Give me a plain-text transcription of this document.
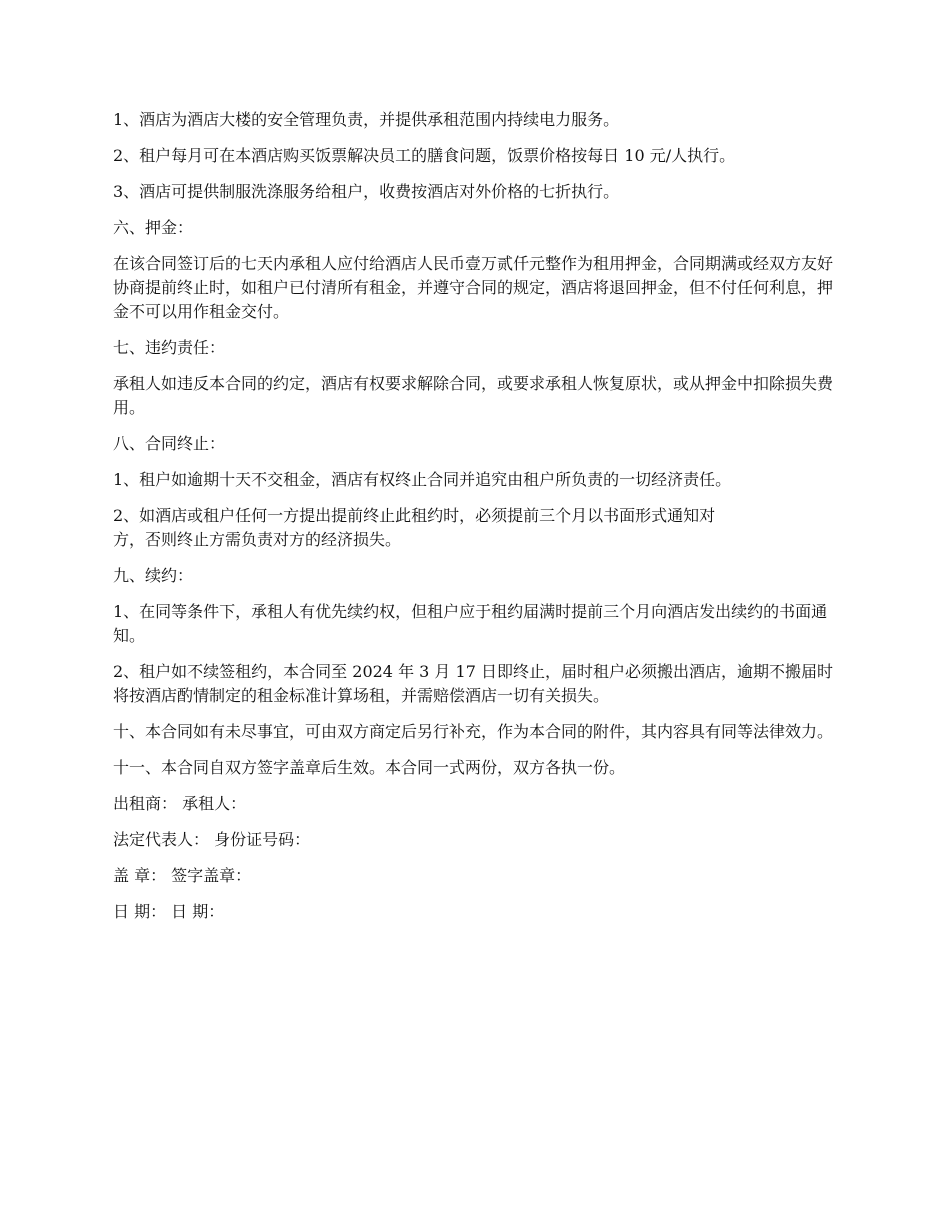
1、酒店为酒店大楼的安全管理负责，并提供承租范围内持续电力服务。

2、租户每月可在本酒店购买饭票解决员工的膳食问题，饭票价格按每日 10 元/人执行。

3、酒店可提供制服洗涤服务给租户，收费按酒店对外价格的七折执行。

六、押金：

在该合同签订后的七天内承租人应付给酒店人民币壹万贰仟元整作为租用押金，合同期满或经双方友好协商提前终止时，如租户已付清所有租金，并遵守合同的规定，酒店将退回押金，但不付任何利息，押金不可以用作租金交付。

七、违约责任：

承租人如违反本合同的约定，酒店有权要求解除合同，或要求承租人恢复原状，或从押金中扣除损失费用。

八、合同终止：

1、租户如逾期十天不交租金，酒店有权终止合同并追究由租户所负责的一切经济责任。

2、如酒店或租户任何一方提出提前终止此租约时，必须提前三个月以书面形式通知对
方，否则终止方需负责对方的经济损失。

九、续约：

1、在同等条件下，承租人有优先续约权，但租户应于租约届满时提前三个月向酒店发出续约的书面通知。

2、租户如不续签租约，本合同至 2024 年 3 月 17 日即终止，届时租户必须搬出酒店，逾期不搬届时将按酒店酌情制定的租金标准计算场租，并需赔偿酒店一切有关损失。

十、本合同如有未尽事宜，可由双方商定后另行补充，作为本合同的附件，其内容具有同等法律效力。

十一、本合同自双方签字盖章后生效。本合同一式两份，双方各执一份。

出租商： 承租人：

法定代表人： 身份证号码：

盖 章： 签字盖章：

日 期： 日 期：
